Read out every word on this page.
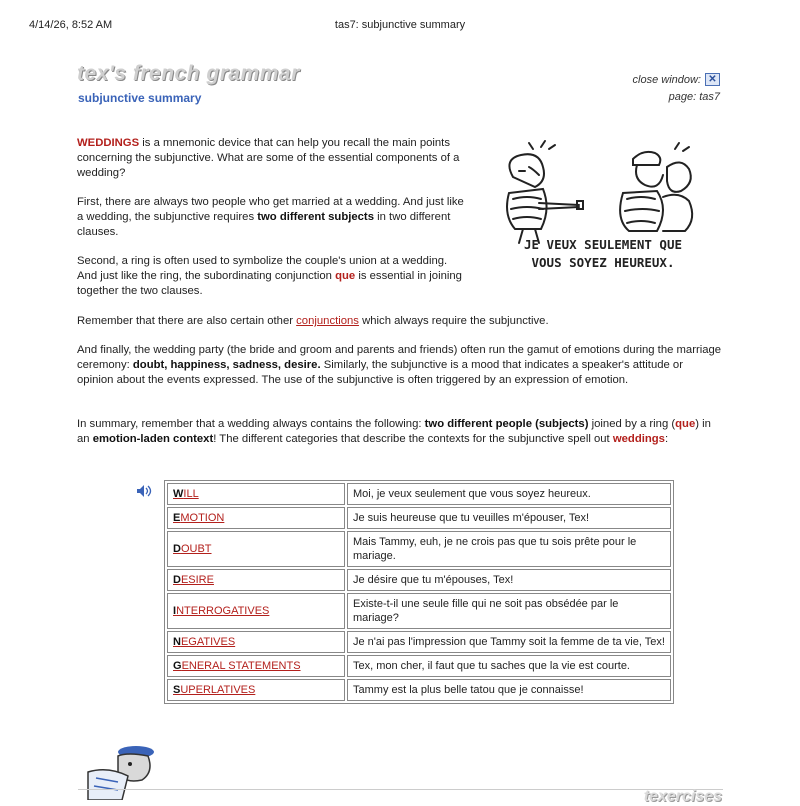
4/14/26, 8:52 AM	tas7: subjunctive summary
tex's french grammar
subjunctive summary
close window: ✕
page: tas7

WEDDINGS is a mnemonic device that can help you recall the main points concerning the subjunctive. What are some of the essential components of a wedding?

First, there are always two people who get married at a wedding. And just like a wedding, the subjunctive requires two different subjects in two different clauses.

Second, a ring is often used to symbolize the couple's union at a wedding. And just like the ring, the subordinating conjunction que is essential in joining together the two clauses.

Remember that there are also certain other conjunctions which always require the subjunctive.

And finally, the wedding party (the bride and groom and parents and friends) often run the gamut of emotions during the marriage ceremony: doubt, happiness, sadness, desire. Similarly, the subjunctive is a mood that indicates a speaker's attitude or opinion about the events expressed. The use of the subjunctive is often triggered by an expression of emotion.

In summary, remember that a wedding always contains the following: two different people (subjects) joined by a ring (que) in an emotion-laden context! The different categories that describe the contexts for the subjunctive spell out weddings:

JE VEUX SEULEMENT QUE
VOUS SOYEZ HEUREUX.
WILL	Moi, je veux seulement que vous soyez heureux.
EMOTION	Je suis heureuse que tu veuilles m'épouser, Tex!
DOUBT	Mais Tammy, euh, je ne crois pas que tu sois prête pour le mariage.
DESIRE	Je désire que tu m'épouses, Tex!
INTERROGATIVES	Existe-t-il une seule fille qui ne soit pas obsédée par le mariage?
NEGATIVES	Je n'ai pas l'impression que Tammy soit la femme de ta vie, Tex!
GENERAL STATEMENTS	Tex, mon cher, il faut que tu saches que la vie est courte.
SUPERLATIVES	Tammy est la plus belle tatou que je connaisse!
texercises
